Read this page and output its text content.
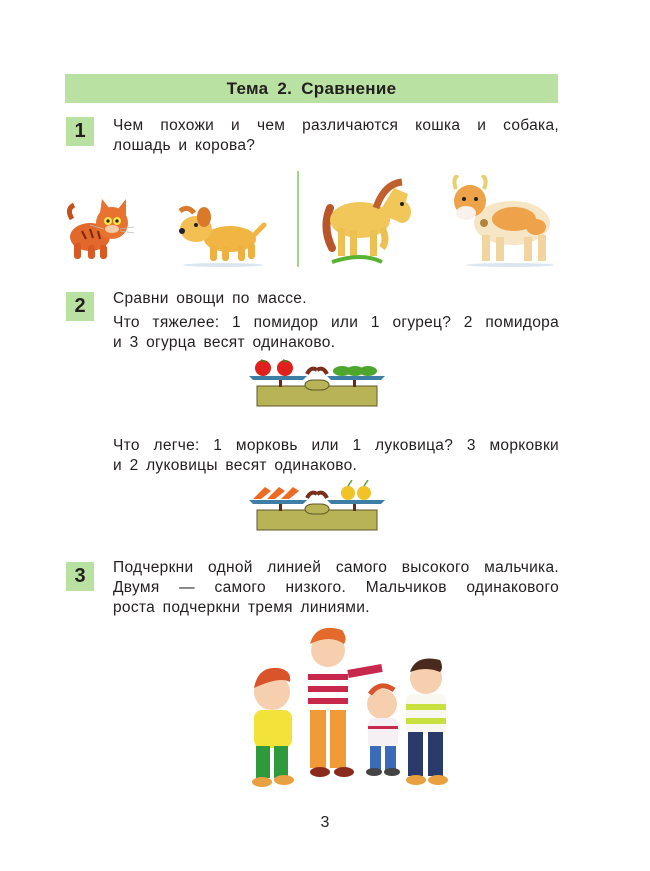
Тема 2. Сравнение
1 Чем похожи и чем различаются кошка и собака,

лошадь и корова?

2 Сравни овощи по массе.

Что тяжелее: 1 помидор или 1 огурец? 2 помидора

и 3 огурца весят одинаково.

Что легче: 1 морковь или 1 луковица? 3 морковки

и 2 луковицы весят одинаково.

3 Подчеркни одной линией самого высокого мальчика.

Двумя — самого низкого. Мальчиков одинакового

роста подчеркни тремя линиями.

3
